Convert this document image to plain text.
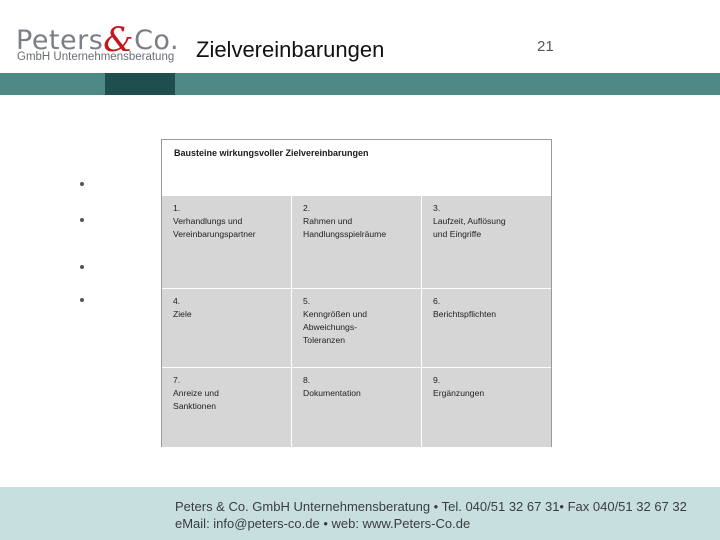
Peters&Co.
GmbH Unternehmensberatung Zielvereinbarungen	21
Bausteine wirkungsvoller Zielvereinbarungen
1.
Verhandlungs und
Vereinbarungspartner
2.
Rahmen und
Handlungsspielräume
3.
Laufzeit, Auflösung
und Eingriffe
4.
Ziele
5.
Kenngrößen und
Abweichungs-
Toleranzen
6.
Berichtspflichten
7.
Anreize und
Sanktionen
8.
Dokumentation
9.
Ergänzungen
Peters & Co. GmbH Unternehmensberatung • Tel. 040/51 32 67 31• Fax 040/51 32 67 32
eMail: info@peters-co.de • web: www.Peters-Co.de
